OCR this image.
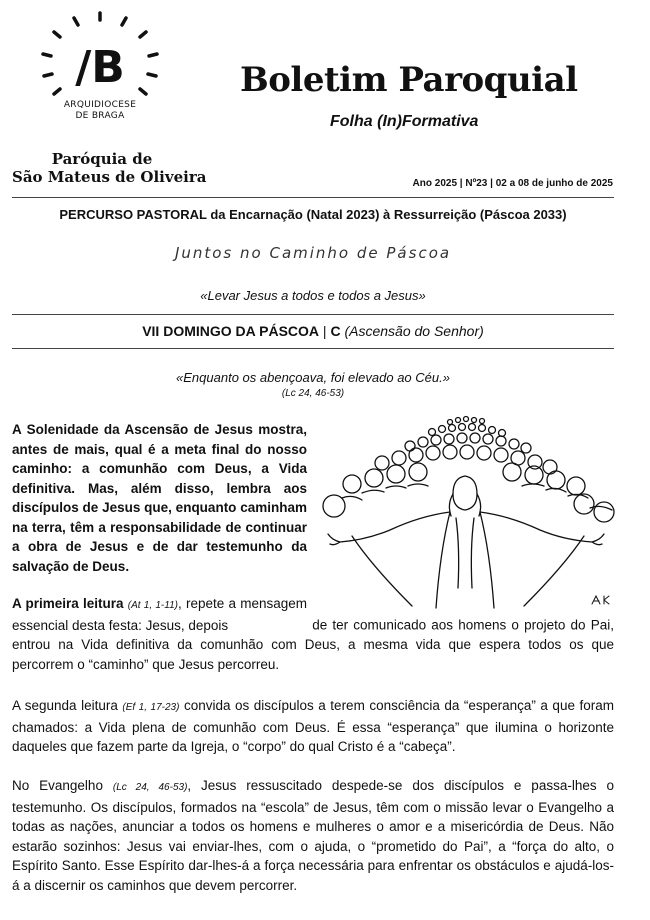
/B
ARQUIDIOCESE
DE BRAGA
Paróquia de
São Mateus de Oliveira
Boletim Paroquial
Folha (In)Formativa
Ano 2025 | Nº23 | 02 a 08 de junho de 2025
PERCURSO PASTORAL da Encarnação (Natal 2023) à Ressurreição (Páscoa 2033)
Juntos no Caminho de Páscoa
«Levar Jesus a todos e todos a Jesus»
VII DOMINGO DA PÁSCOA | C (Ascensão do Senhor)
«Enquanto os abençoava, foi elevado ao Céu.»
(Lc 24, 46-53)

A Solenidade da Ascensão de Jesus mostra, antes de mais, qual é a meta final do nosso caminho: a comunhão com Deus, a Vida definitiva. Mas, além disso, lembra aos discípulos de Jesus que, enquanto caminham na terra, têm a responsabilidade de continuar a obra de Jesus e de dar testemunho da salvação de Deus.

A primeira leitura (At 1, 1-11), repete a mensagem essencial desta festa: Jesus, depois	de ter comunicado aos homens o projeto do Pai, entrou na Vida definitiva da comunhão com Deus, a mesma vida que espera todos os que percorrem o “caminho” que Jesus percorreu.

A segunda leitura (Ef 1, 17-23) convida os discípulos a terem consciência da “esperança” a que foram chamados: a Vida plena de comunhão com Deus. É essa “esperança” que ilumina o horizonte daqueles que fazem parte da Igreja, o “corpo” do qual Cristo é a “cabeça”.

No Evangelho (Lc 24, 46-53), Jesus ressuscitado despede-se dos discípulos e passa-lhes o testemunho. Os discípulos, formados na “escola” de Jesus, têm com o missão levar o Evangelho a todas as nações, anunciar a todos os homens e mulheres o amor e a misericórdia de Deus. Não estarão sozinhos: Jesus vai enviar-lhes, com o ajuda, o “prometido do Pai”, a “força do alto, o Espírito Santo. Esse Espírito dar-lhes-á a força necessária para enfrentar os obstáculos e ajudá-los-á a discernir os caminhos que devem percorrer.
